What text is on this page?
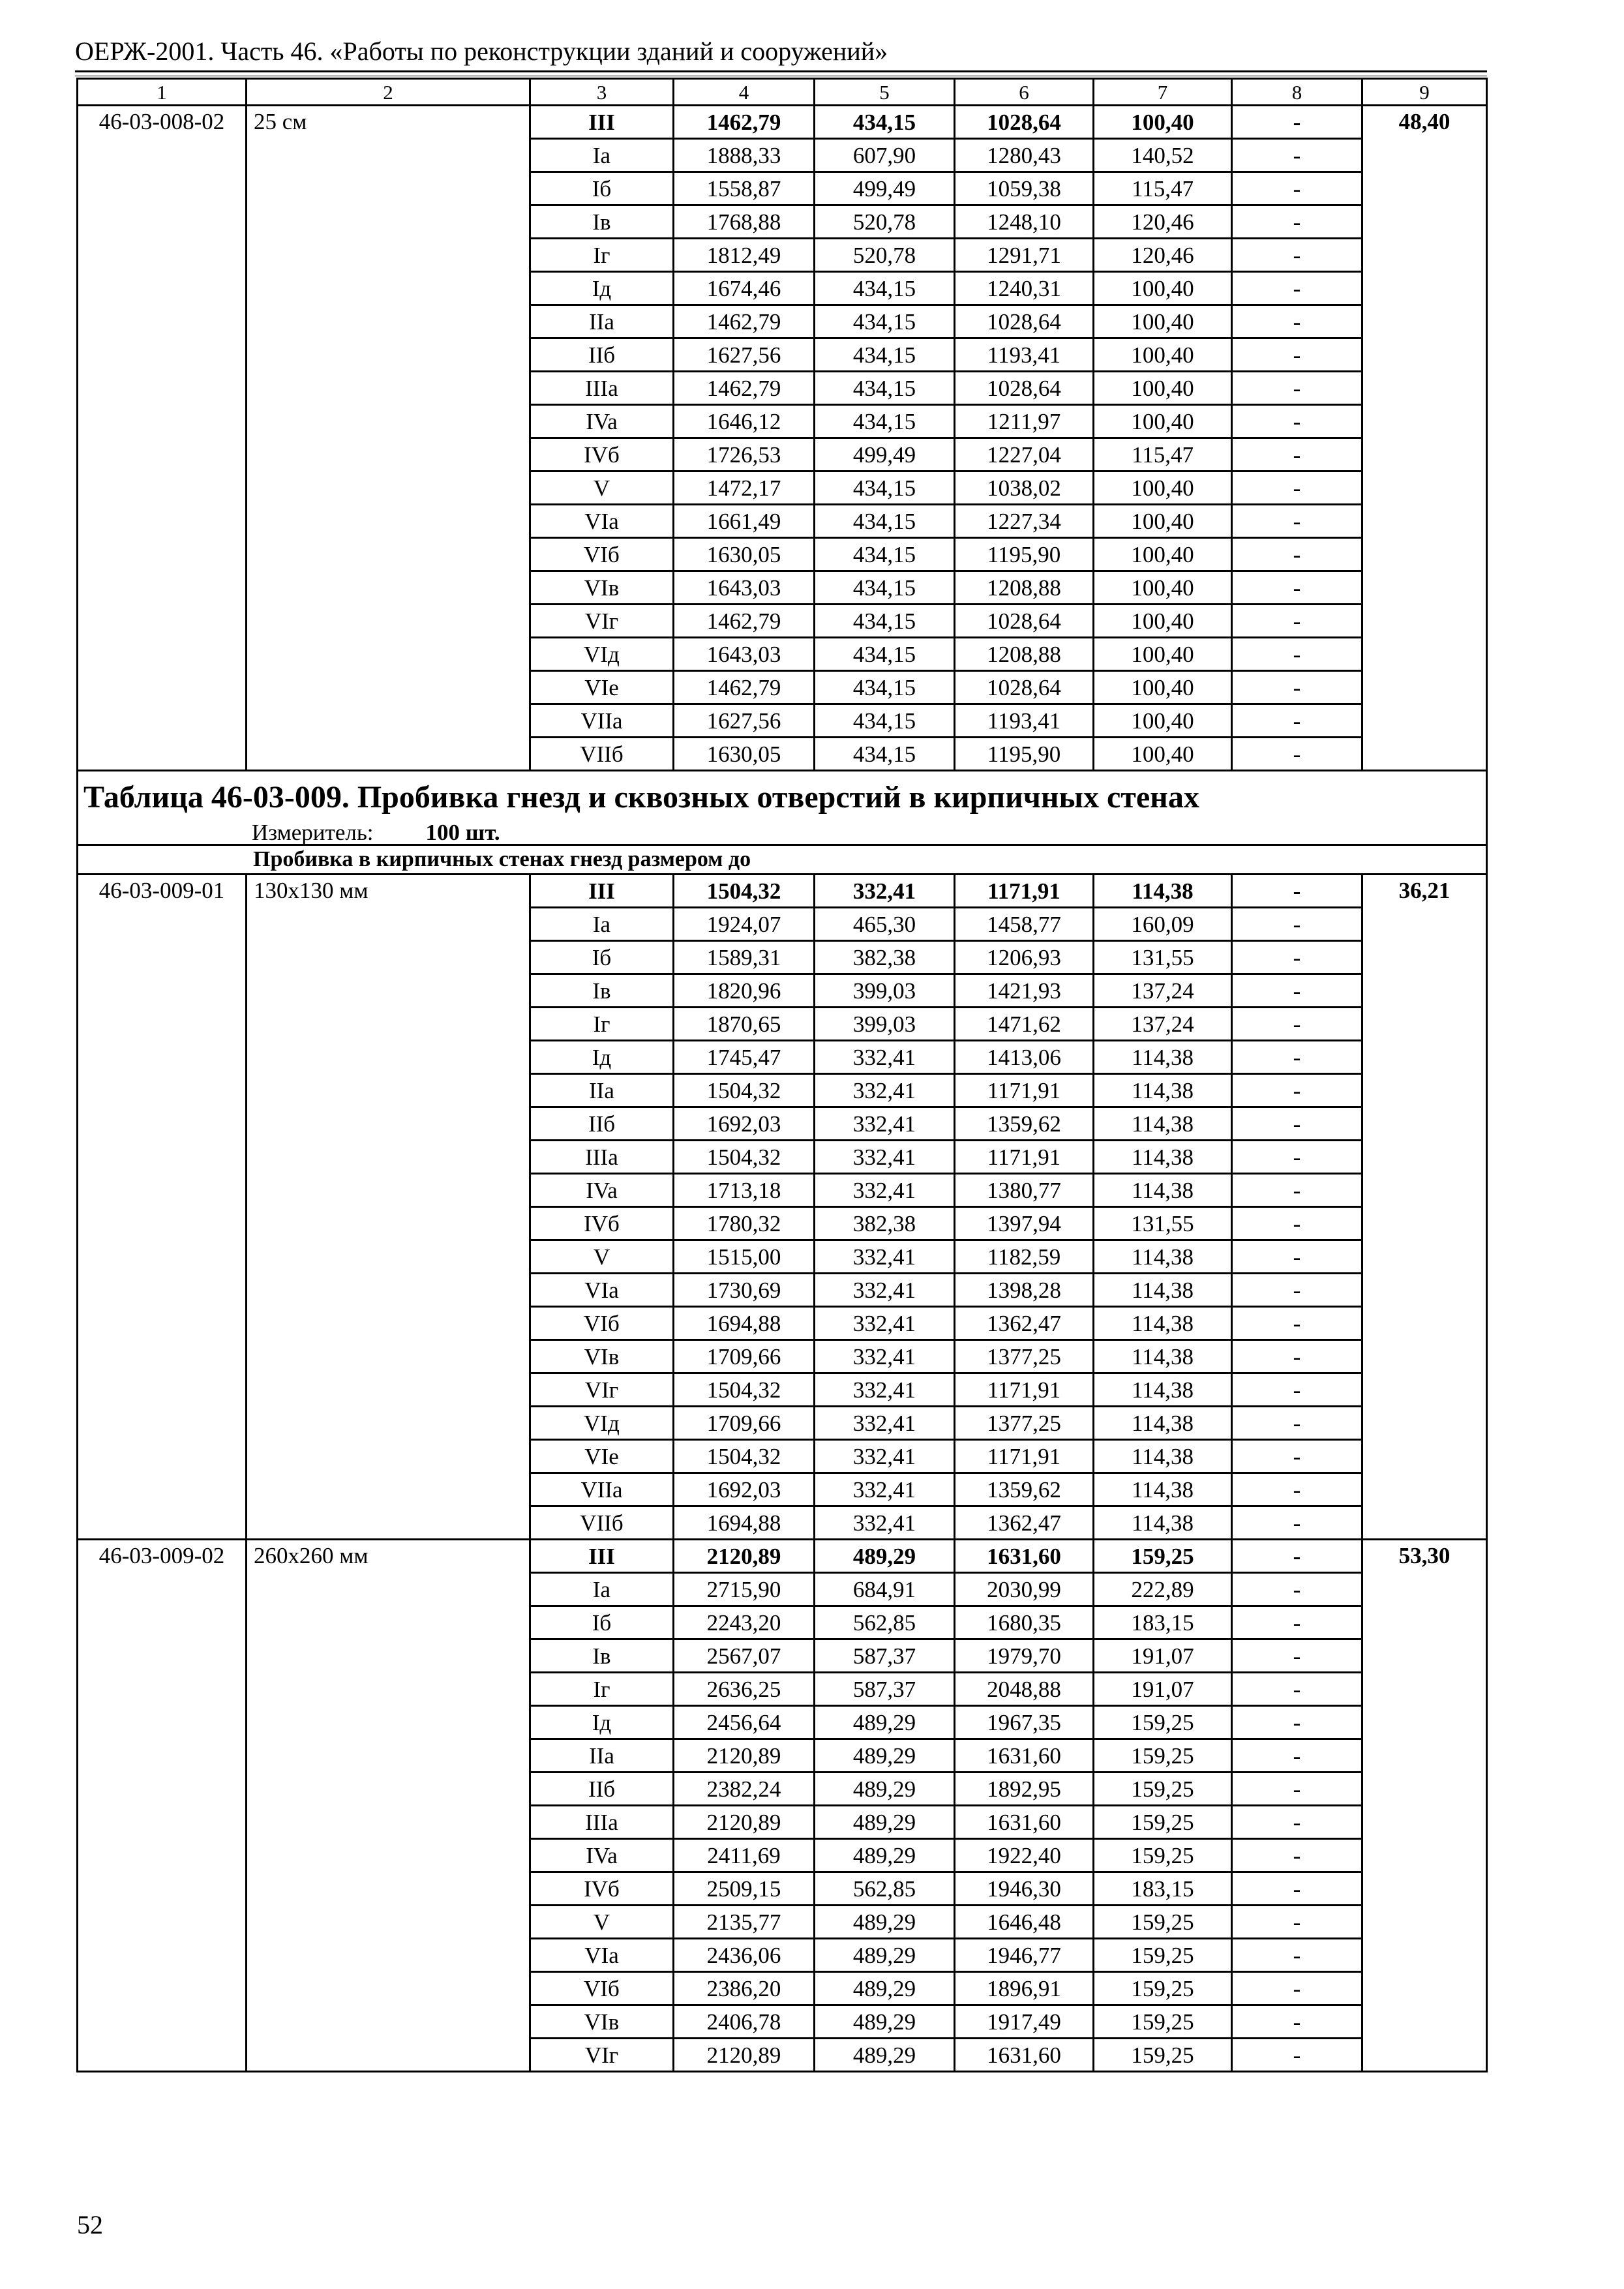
ОЕРЖ-2001. Часть 46. «Работы по реконструкции зданий и сооружений»
1	2	3	4	5	6	7	8	9
46-03-008-02	25 см	III	1462,79	434,15	1028,64	100,40	-	48,40
		Ia	1888,33	607,90	1280,43	140,52	-	
		Iб	1558,87	499,49	1059,38	115,47	-	
		Iв	1768,88	520,78	1248,10	120,46	-	
		Iг	1812,49	520,78	1291,71	120,46	-	
		Iд	1674,46	434,15	1240,31	100,40	-	
		IIa	1462,79	434,15	1028,64	100,40	-	
		IIб	1627,56	434,15	1193,41	100,40	-	
		IIIa	1462,79	434,15	1028,64	100,40	-	
		IVa	1646,12	434,15	1211,97	100,40	-	
		IVб	1726,53	499,49	1227,04	115,47	-	
		V	1472,17	434,15	1038,02	100,40	-	
		VIa	1661,49	434,15	1227,34	100,40	-	
		VIб	1630,05	434,15	1195,90	100,40	-	
		VIв	1643,03	434,15	1208,88	100,40	-	
		VIг	1462,79	434,15	1028,64	100,40	-	
		VIд	1643,03	434,15	1208,88	100,40	-	
		VIe	1462,79	434,15	1028,64	100,40	-	
		VIIa	1627,56	434,15	1193,41	100,40	-	
		VIIб	1630,05	434,15	1195,90	100,40	-	

Таблица 46-03-009. Пробивка гнезд и сквозных отверстий в кирпичных стенах
Измеритель: 100 шт.								

Пробивка в кирпичных стенах гнезд размером до								
46-03-009-01	130x130 мм	III	1504,32	332,41	1171,91	114,38	-	36,21
		Ia	1924,07	465,30	1458,77	160,09	-	
		Iб	1589,31	382,38	1206,93	131,55	-	
		Iв	1820,96	399,03	1421,93	137,24	-	
		Iг	1870,65	399,03	1471,62	137,24	-	
		Iд	1745,47	332,41	1413,06	114,38	-	
		IIa	1504,32	332,41	1171,91	114,38	-	
		IIб	1692,03	332,41	1359,62	114,38	-	
		IIIa	1504,32	332,41	1171,91	114,38	-	
		IVa	1713,18	332,41	1380,77	114,38	-	
		IVб	1780,32	382,38	1397,94	131,55	-	
		V	1515,00	332,41	1182,59	114,38	-	
		VIa	1730,69	332,41	1398,28	114,38	-	
		VIб	1694,88	332,41	1362,47	114,38	-	
		VIв	1709,66	332,41	1377,25	114,38	-	
		VIг	1504,32	332,41	1171,91	114,38	-	
		VIд	1709,66	332,41	1377,25	114,38	-	
		VIe	1504,32	332,41	1171,91	114,38	-	
		VIIa	1692,03	332,41	1359,62	114,38	-	
		VIIб	1694,88	332,41	1362,47	114,38	-	
46-03-009-02	260x260 мм	III	2120,89	489,29	1631,60	159,25	-	53,30
		Ia	2715,90	684,91	2030,99	222,89	-	
		Iб	2243,20	562,85	1680,35	183,15	-	
		Iв	2567,07	587,37	1979,70	191,07	-	
		Iг	2636,25	587,37	2048,88	191,07	-	
		Iд	2456,64	489,29	1967,35	159,25	-	
		IIa	2120,89	489,29	1631,60	159,25	-	
		IIб	2382,24	489,29	1892,95	159,25	-	
		IIIa	2120,89	489,29	1631,60	159,25	-	
		IVa	2411,69	489,29	1922,40	159,25	-	
		IVб	2509,15	562,85	1946,30	183,15	-	
		V	2135,77	489,29	1646,48	159,25	-	
		VIa	2436,06	489,29	1946,77	159,25	-	
		VIб	2386,20	489,29	1896,91	159,25	-	
		VIв	2406,78	489,29	1917,49	159,25	-	
		VIг	2120,89	489,29	1631,60	159,25	-	
52
